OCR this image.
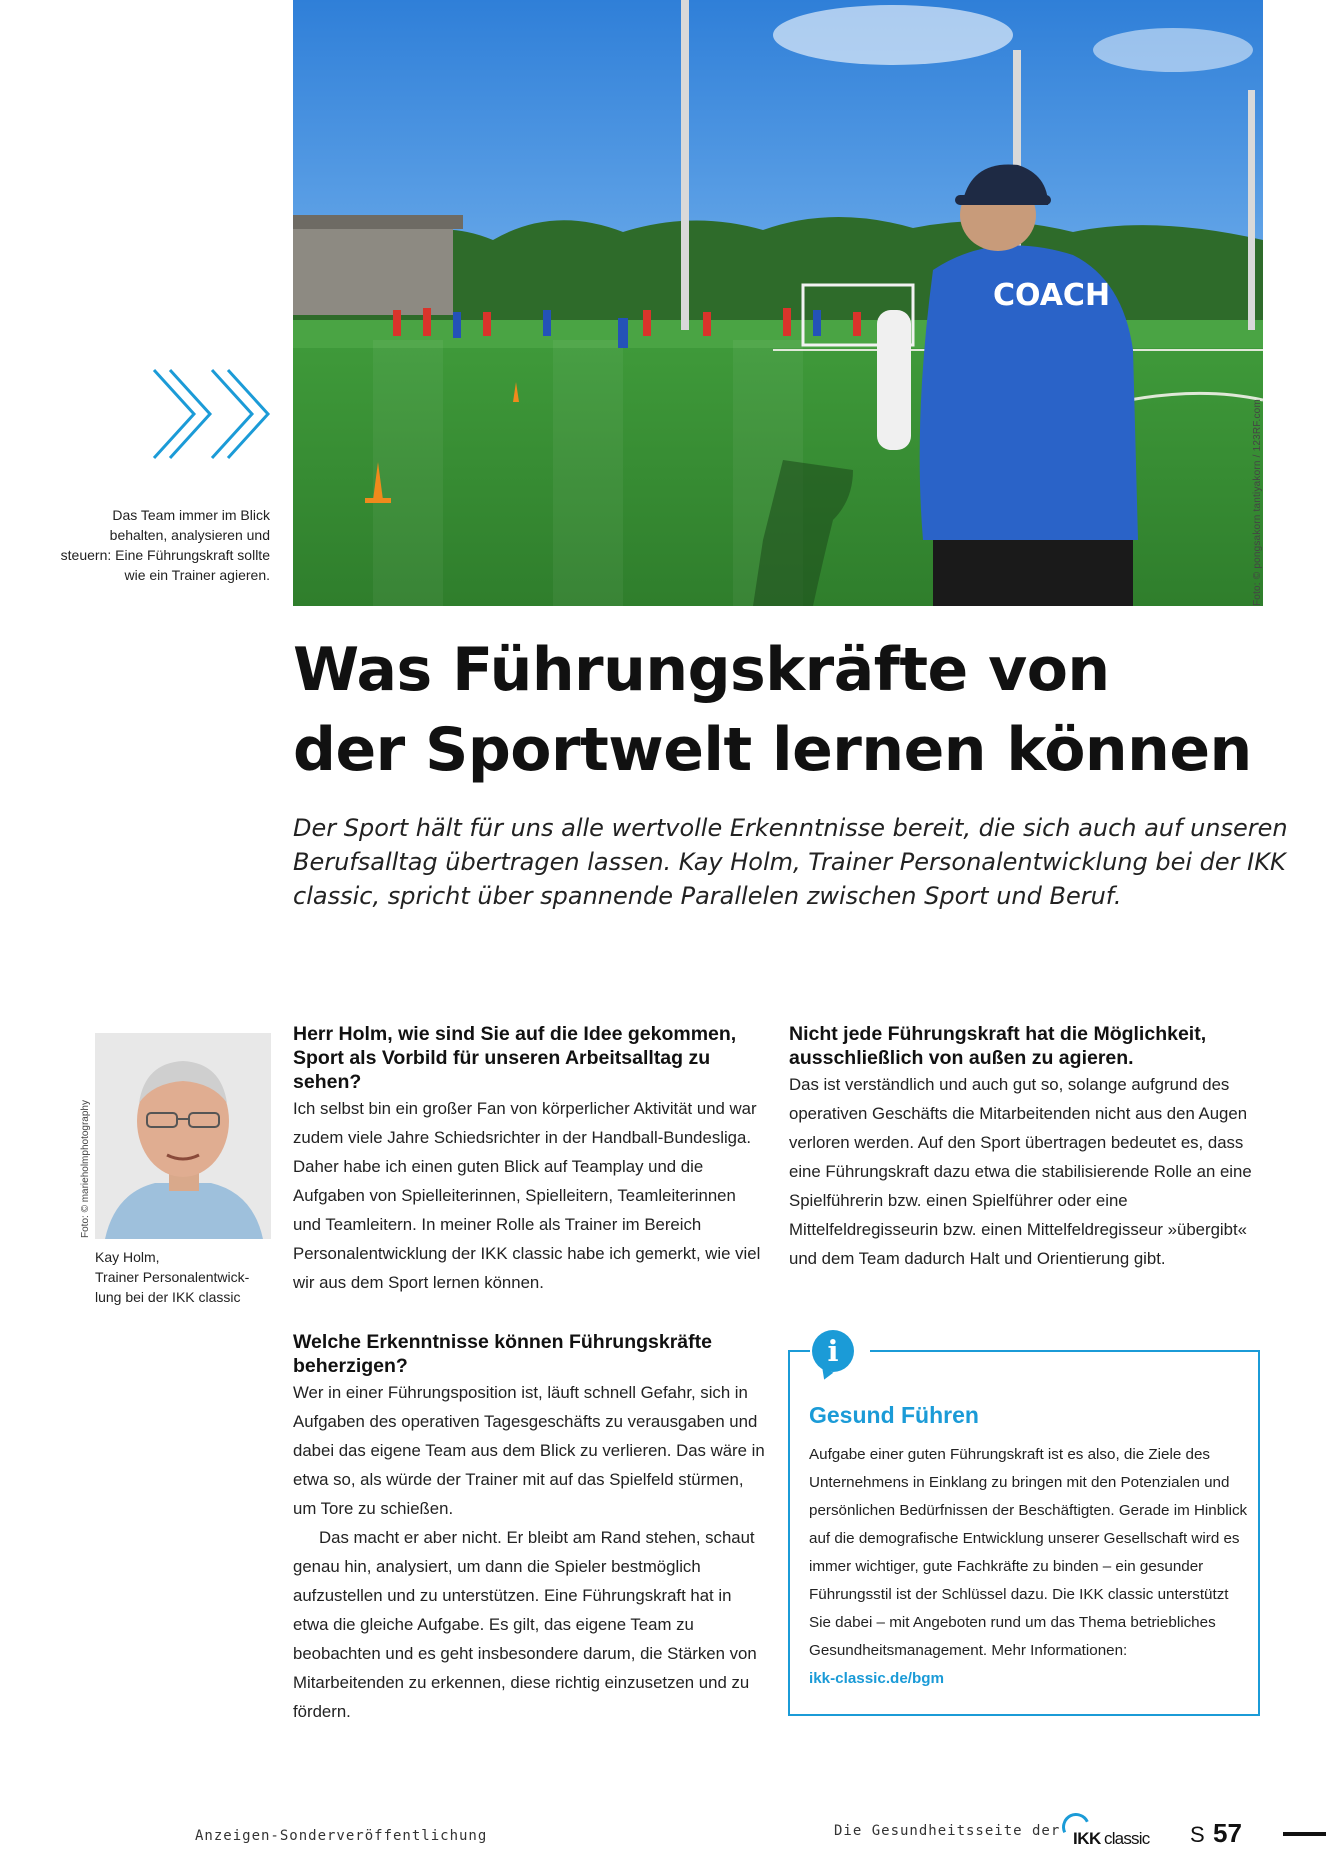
COACH
Foto: © pongsakorn tantiyakorn / 123RF.com
Das Team immer im Blick behalten, analysieren und steuern: Eine Führungskraft sollte wie ein Trainer agieren.
Was Führungskräfte von
der Sportwelt lernen können

Der Sport hält für uns alle wertvolle Erkenntnisse bereit, die sich auch auf unseren Berufsalltag übertragen lassen. Kay Holm, Trainer Personalentwicklung bei der IKK classic, spricht über spannende Parallelen zwischen Sport und Beruf.

Foto: © marieholmphotography
Kay Holm,
Trainer Personalentwick-
lung bei der IKK classic

Herr Holm, wie sind Sie auf die Idee gekommen, Sport als Vorbild für unseren Arbeitsalltag zu sehen?

Ich selbst bin ein großer Fan von körperlicher Aktivität und war zudem viele Jahre Schiedsrichter in der Handball-Bundesliga. Daher habe ich einen guten Blick auf Teamplay und die Aufgaben von Spielleiterinnen, Spielleitern, Teamleiterinnen und Teamleitern. In meiner Rolle als Trainer im Bereich Personalentwicklung der IKK classic habe ich gemerkt, wie viel wir aus dem Sport lernen können.

Welche Erkenntnisse können Führungskräfte beherzigen?

Wer in einer Führungsposition ist, läuft schnell Gefahr, sich in Aufgaben des operativen Tagesgeschäfts zu verausgaben und dabei das eigene Team aus dem Blick zu verlieren. Das wäre in etwa so, als würde der Trainer mit auf das Spielfeld stürmen, um Tore zu schießen.

Das macht er aber nicht. Er bleibt am Rand stehen, schaut genau hin, analysiert, um dann die Spieler bestmöglich aufzustellen und zu unterstützen. Eine Führungskraft hat in etwa die gleiche Aufgabe. Es gilt, das eigene Team zu beobachten und es geht insbesondere darum, die Stärken von Mitarbeitenden zu erkennen, diese richtig einzusetzen und zu fördern.

Nicht jede Führungskraft hat die Möglichkeit, ausschließlich von außen zu agieren.

Das ist verständlich und auch gut so, solange aufgrund des operativen Geschäfts die Mitarbeitenden nicht aus den Augen verloren werden. Auf den Sport übertragen bedeutet es, dass eine Führungskraft dazu etwa die stabilisierende Rolle an eine Spielführerin bzw. einen Spielführer oder eine Mittelfeldregisseurin bzw. einen Mittelfeldregisseur »übergibt« und dem Team dadurch Halt und Orientierung gibt.

i
Gesund Führen

Aufgabe einer guten Führungskraft ist es also, die Ziele des Unternehmens in Einklang zu bringen mit den Potenzialen und persönlichen Bedürfnissen der Beschäftigten. Gerade im Hinblick auf die demografische Entwicklung unserer Gesellschaft wird es immer wichtiger, gute Fachkräfte zu binden – ein gesunder Führungsstil ist der Schlüssel dazu. Die IKK classic unterstützt Sie dabei – mit Angeboten rund um das Thema betriebliches Gesundheitsmanagement. Mehr Informationen:
ikk-classic.de/bgm

Anzeigen-Sonderveröffentlichung	Die Gesundheitsseite der IKK classic S 57
